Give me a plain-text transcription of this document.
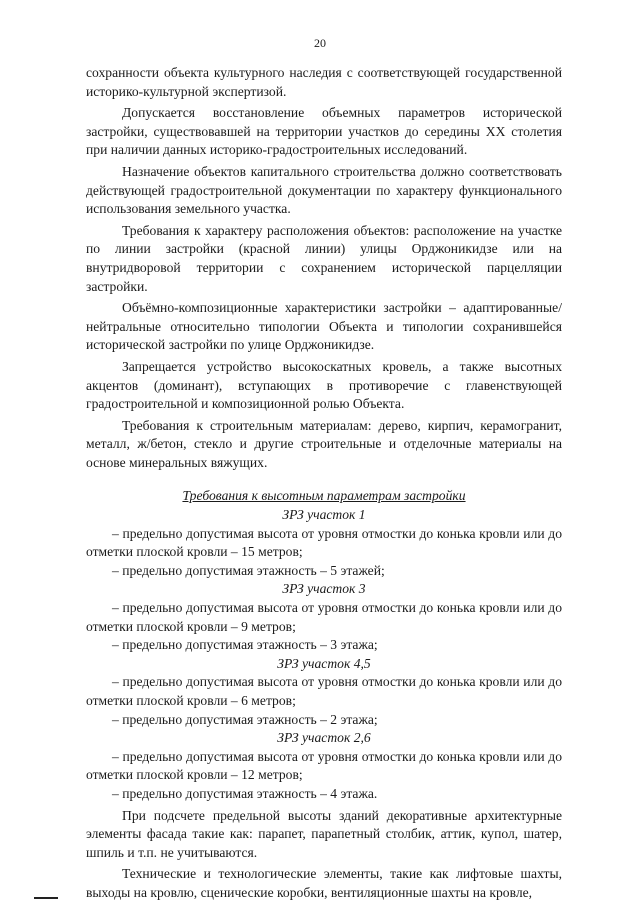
20

сохранности объекта культурного наследия с соответствующей государственной историко-культурной экспертизой.

Допускается восстановление объемных параметров исторической застройки, существовавшей на территории участков до середины XX столетия при наличии данных историко-градостроительных исследований.

Назначение объектов капитального строительства должно соответствовать действующей градостроительной документации по характеру функционального использования земельного участка.

Требования к характеру расположения объектов: расположение на участке по линии застройки (красной линии) улицы Орджоникидзе или на внутридворовой территории с сохранением исторической парцелляции застройки.

Объёмно-композиционные характеристики застройки – адаптированные/ нейтральные относительно типологии Объекта и типологии сохранившейся исторической застройки по улице Орджоникидзе.

Запрещается устройство высокоскатных кровель, а также высотных акцентов (доминант), вступающих в противоречие с главенствующей градостроительной и композиционной ролью Объекта.

Требования к строительным материалам: дерево, кирпич, керамогранит, металл, ж/бетон, стекло и другие строительные и отделочные материалы на основе минеральных вяжущих.

Требования к высотным параметрам застройки

ЗРЗ участок 1

– предельно допустимая высота от уровня отмостки до конька кровли или до отметки плоской кровли – 15 метров;

– предельно допустимая этажность – 5 этажей;

ЗРЗ участок 3

– предельно допустимая высота от уровня отмостки до конька кровли или до отметки плоской кровли – 9 метров;

– предельно допустимая этажность – 3 этажа;

ЗРЗ участок 4,5

– предельно допустимая высота от уровня отмостки до конька кровли или до отметки плоской кровли – 6 метров;

– предельно допустимая этажность – 2 этажа;

ЗРЗ участок 2,6

– предельно допустимая высота от уровня отмостки до конька кровли или до отметки плоской кровли – 12 метров;

– предельно допустимая этажность – 4 этажа.

При подсчете предельной высоты зданий декоративные архитектурные элементы фасада такие как: парапет, парапетный столбик, аттик, купол, шатер, шпиль и т.п. не учитываются.

Технические и технологические элементы, такие как лифтовые шахты, выходы на кровлю, сценические коробки, вентиляционные шахты на кровле,
